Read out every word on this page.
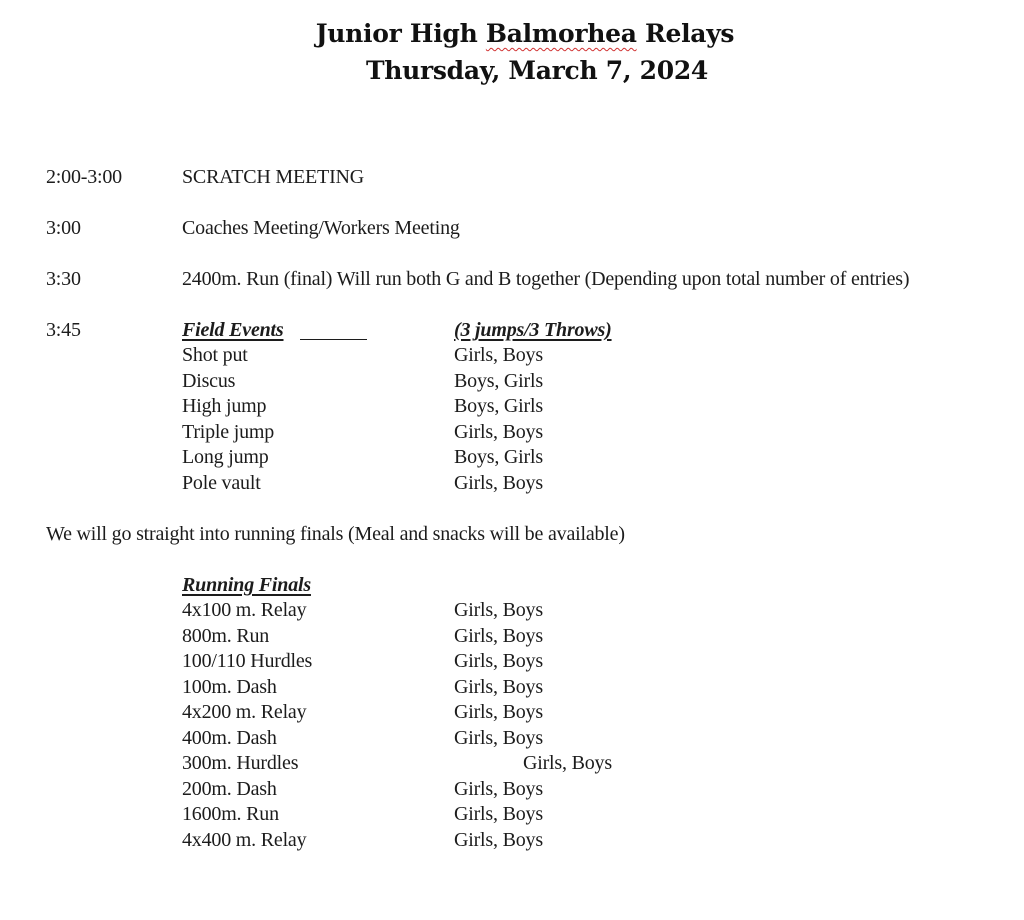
Junior High Balmorhea Relays
Thursday, March 7, 2024
2:00-3:00	SCRATCH MEETING
3:00	Coaches Meeting/Workers Meeting
3:30	2400m. Run (final) Will run both G and B together (Depending upon total number of entries)
3:45	Field Events	(3 jumps/3 Throws)
Shot put	Girls, Boys
Discus	Boys, Girls
High jump	Boys, Girls
Triple jump	Girls, Boys
Long jump	Boys, Girls
Pole vault	Girls, Boys
We will go straight into running finals (Meal and snacks will be available)
Running Finals
4x100 m. Relay	Girls, Boys
800m. Run	Girls, Boys
100/110 Hurdles	Girls, Boys
100m. Dash	Girls, Boys
4x200 m. Relay	Girls, Boys
400m. Dash	Girls, Boys
300m. Hurdles	Girls, Boys
200m. Dash	Girls, Boys
1600m. Run	Girls, Boys
4x400 m. Relay	Girls, Boys
